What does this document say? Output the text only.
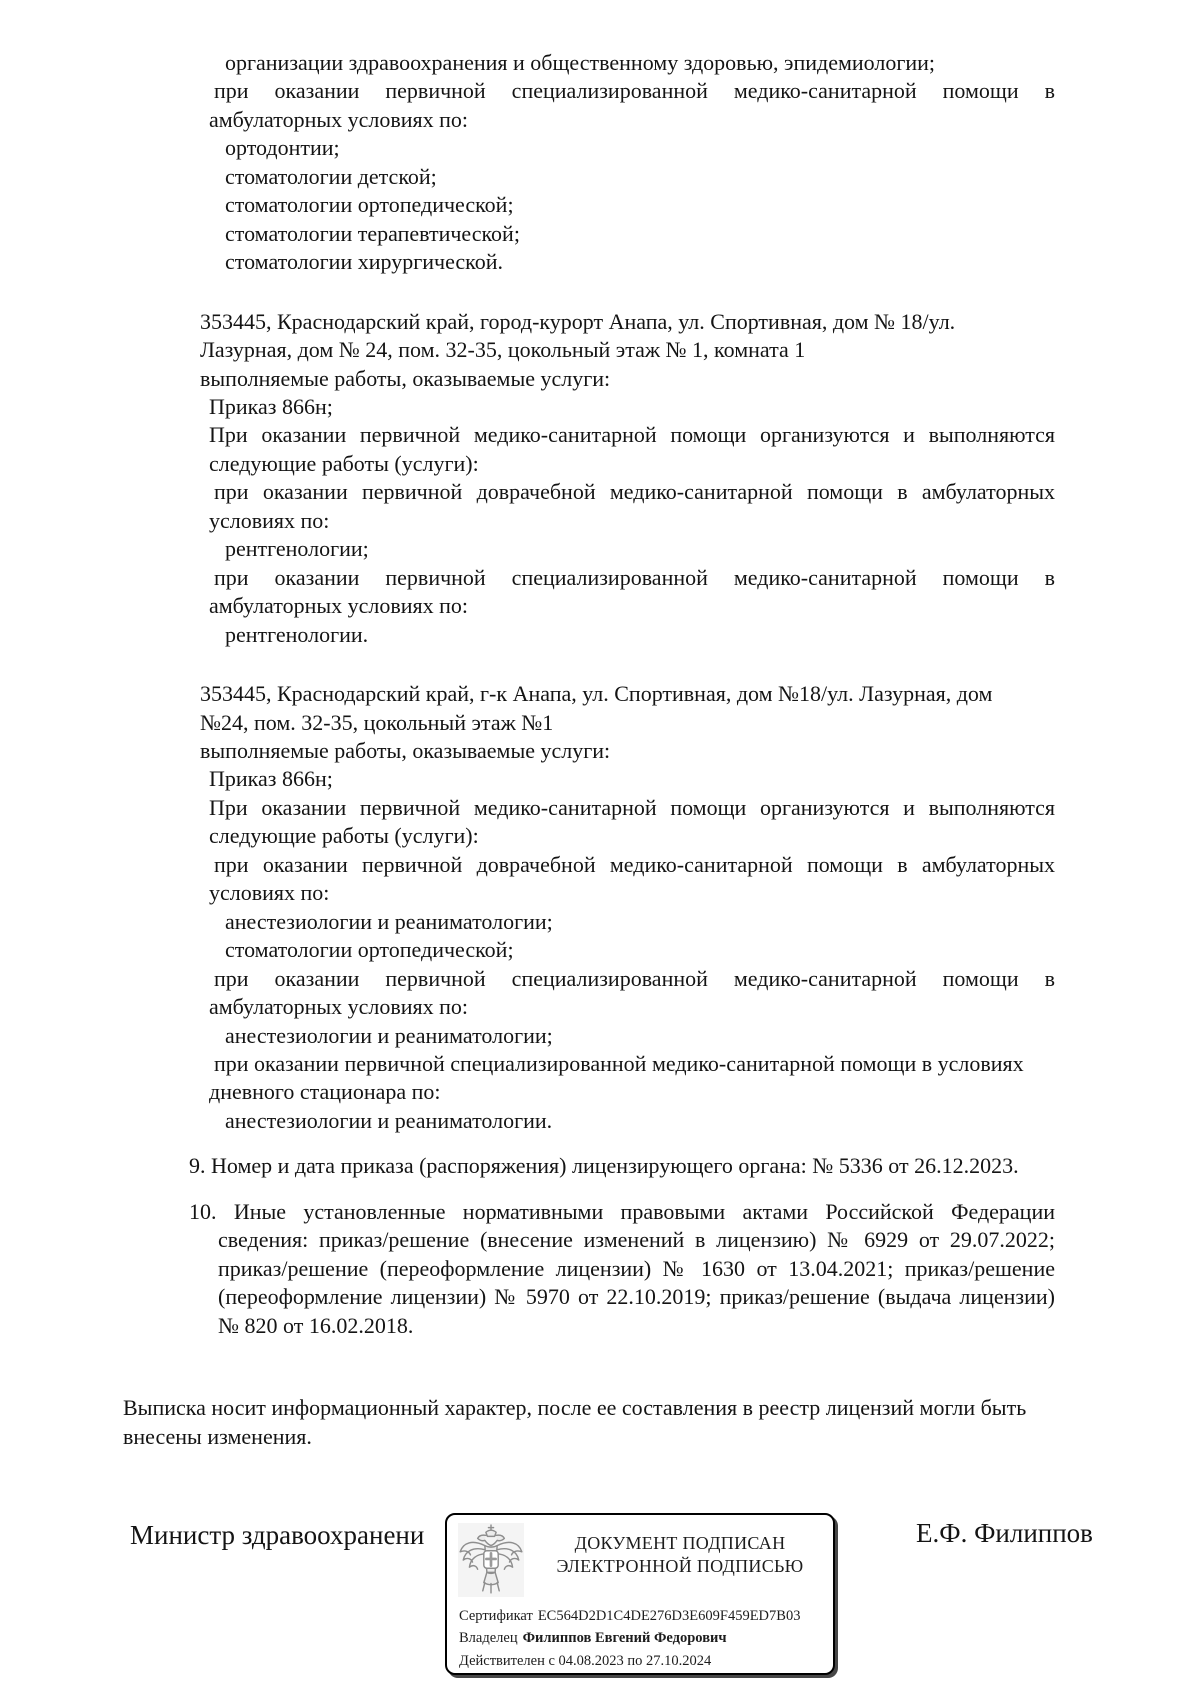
организации здравоохранения и общественному здоровью, эпидемиологии;
при оказании первичной специализированной медико-санитарной помощи в
амбулаторных условиях по:
ортодонтии;
стоматологии детской;
стоматологии ортопедической;
стоматологии терапевтической;
стоматологии хирургической.
353445, Краснодарский край, город-курорт Анапа, ул. Спортивная, дом № 18/ул.
Лазурная, дом № 24, пом. 32-35, цокольный этаж № 1, комната 1
выполняемые работы, оказываемые услуги:
Приказ 866н;
При оказании первичной медико-санитарной помощи организуются и выполняются
следующие работы (услуги):
при оказании первичной доврачебной медико-санитарной помощи в амбулаторных
условиях по:
рентгенологии;
при оказании первичной специализированной медико-санитарной помощи в
амбулаторных условиях по:
рентгенологии.
353445, Краснодарский край, г-к Анапа, ул. Спортивная, дом №18/ул. Лазурная, дом
№24, пом. 32-35, цокольный этаж №1
выполняемые работы, оказываемые услуги:
Приказ 866н;
При оказании первичной медико-санитарной помощи организуются и выполняются
следующие работы (услуги):
при оказании первичной доврачебной медико-санитарной помощи в амбулаторных
условиях по:
анестезиологии и реаниматологии;
стоматологии ортопедической;
при оказании первичной специализированной медико-санитарной помощи в
амбулаторных условиях по:
анестезиологии и реаниматологии;
при оказании первичной специализированной медико-санитарной помощи в условиях
дневного стационара по:
анестезиологии и реаниматологии.
9. Номер и дата приказа (распоряжения) лицензирующего органа: № 5336 от 26.12.2023.
10. Иные установленные нормативными правовыми актами Российской Федерации
сведения: приказ/решение (внесение изменений в лицензию) № 6929 от 29.07.2022;
приказ/решение (переоформление лицензии) № 1630 от 13.04.2021; приказ/решение
(переоформление лицензии) № 5970 от 22.10.2019; приказ/решение (выдача лицензии)
№ 820 от 16.02.2018.
Выписка носит информационный характер, после ее составления в реестр лицензий могли быть
внесены изменения.
Министр здравоохранени	Е.Ф. Филиппов
ДОКУМЕНТ ПОДПИСАН
ЭЛЕКТРОННОЙ ПОДПИСЬЮ
Сертификат EC564D2D1C4DE276D3E609F459ED7B03
Владелец Филиппов Евгений Федорович
Действителен с 04.08.2023 по 27.10.2024
